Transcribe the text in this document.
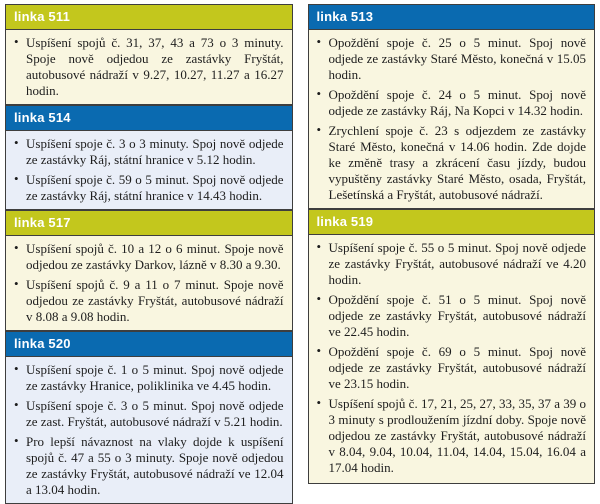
linka 511
• Uspíšení spojů č. 31, 37, 43 a 73 o 3 minuty. Spoje nově odjedou ze zastávky Fryštát, autobusové nádraží v 9.27, 10.27, 11.27 a 16.27 hodin.
linka 514
• Uspíšení spoje č. 3 o 3 minuty. Spoj nově odjede ze zastávky Ráj, státní hranice v 5.12 hodin.
• Uspíšení spoje č. 59 o 5 minut. Spoj nově odjede ze zastávky Ráj, státní hranice v 14.43 hodin.
linka 517
• Uspíšení spojů č. 10 a 12 o 6 minut. Spoje nově odjedou ze zastávky Darkov, lázně v 8.30 a 9.30.
• Uspíšení spojů č. 9 a 11 o 7 minut. Spoje nově odjedou ze zastávky Fryštát, autobusové nádraží v 8.08 a 9.08 hodin.
linka 520
• Uspíšení spoje č. 1 o 5 minut. Spoj nově odjede ze zastávky Hranice, poliklinika ve 4.45 hodin.
• Uspíšení spoje č. 3 o 5 minut. Spoj nově odjede ze zast. Fryštát, autobusové nádraží v 5.21 hodin.
• Pro lepší návaznost na vlaky dojde k uspíšení spojů č. 47 a 55 o 3 minuty. Spoje nově odjedou ze zastávky Fryštát, autobusové nádraží ve 12.04 a 13.04 hodin.
linka 513
• Opoždění spoje č. 25 o 5 minut. Spoj nově odjede ze zastávky Staré Město, konečná v 15.05 hodin.
• Opoždění spoje č. 24 o 5 minut. Spoj nově odjede ze zastávky Ráj, Na Kopci v 14.32 hodin.
• Zrychlení spoje č. 23 s odjezdem ze zastávky Staré Město, konečná v 14.06 hodin. Zde dojde ke změně trasy a zkrácení času jízdy, budou vypuštěny zastávky Staré Město, osada, Fryštát, Lešetínská a Fryštát, autobusové nádraží.
linka 519
• Uspíšení spoje č. 55 o 5 minut. Spoj nově odjede ze zastávky Fryštát, autobusové nádraží ve 4.20 hodin.
• Opoždění spoje č. 51 o 5 minut. Spoj nově odjede ze zastávky Fryštát, autobusové nádraží ve 22.45 hodin.
• Opoždění spoje č. 69 o 5 minut. Spoj nově odjede ze zastávky Fryštát, autobusové nádraží ve 23.15 hodin.
• Uspíšení spojů č. 17, 21, 25, 27, 33, 35, 37 a 39 o 3 minuty s prodloužením jízdní doby. Spoje nově odjedou ze zastávky Fryštát, autobusové nádraží v 8.04, 9.04, 10.04, 11.04, 14.04, 15.04, 16.04 a 17.04 hodin.
